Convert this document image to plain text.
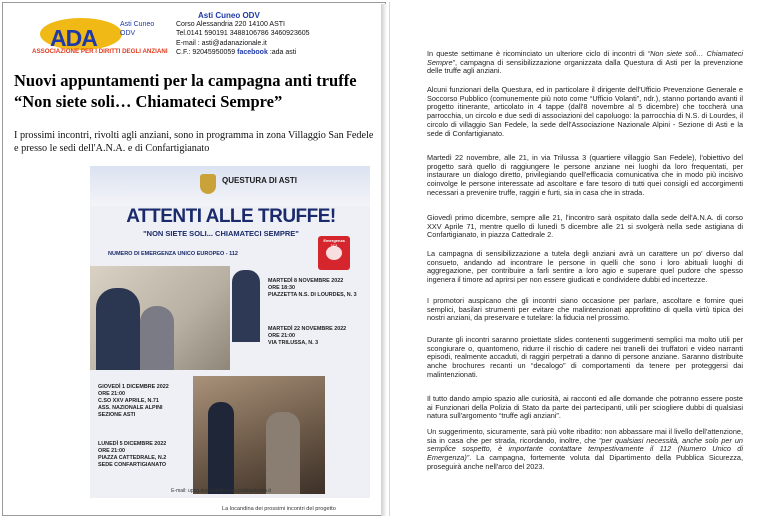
ADA
Asti Cuneo
ODV
ASSOCIAZIONE PER I DIRITTI DEGLI ANZIANI
Asti Cuneo ODV
Corso Alessandria 220 14100 ASTI
Tel.0141 590191 3488106786 3460923605
E-mail : asti@adanazionale.it
C.F.: 92045950059 facebook :ada asti
Nuovi appuntamenti per la campagna anti truffe “Non siete soli… Chiamateci Sempre”
I prossimi incontri, rivolti agli anziani, sono in programma in zona Villaggio San Fedele e presso le sedi dell'A.N.A. e di Confartigianato
QUESTURA DI ASTI
ATTENTI ALLE TRUFFE!
"NON SIETE SOLI... CHIAMATECI SEMPRE"
NUMERO DI EMERGENZA UNICO EUROPEO - 112
Emergenza 112
MARTEDÌ 8 NOVEMBRE 2022
ORE 18:30
PIAZZETTA N.S. DI LOURDES, N. 3
MARTEDÌ 22 NOVEMBRE 2022
ORE 21:00
VIA TRILUSSA, N. 3
GIOVEDÌ 1 DICEMBRE 2022
ORE 21:00
C.SO XXV APRILE, N.71
ASS. NAZIONALE ALPINI
SEZIONE ASTI
LUNEDÌ 5 DICEMBRE 2022
ORE 21:00
PIAZZA CATTEDRALE, N.2
SEDE CONFARTIGIANATO
E-mail: uppg.quest.at@pecps.poliziadistato.it
La locandina dei prossimi incontri del progetto

In queste settimane è ricominciato un ulteriore ciclo di incontri di “Non siete soli… Chiamateci Sempre”, campagna di sensibilizzazione organizzata dalla Questura di Asti per la prevenzione delle truffe agli anziani.

Alcuni funzionari della Questura, ed in particolare il dirigente dell'Ufficio Prevenzione Generale e Soccorso Pubblico (comunemente più noto come “Ufficio Volanti”, ndr.), stanno portando avanti il progetto itinerante, articolato in 4 tappe (dall'8 novembre al 5 dicembre) che toccherà una parrocchia, un circolo e due sedi di associazioni del capoluogo: la parrocchia di N.S. di Lourdes, il circolo di villaggio San Fedele, la sede dell'Associazione Nazionale Alpini - Sezione di Asti e la sede di Confartigianato.
Martedì 22 novembre, alle 21, in via Trilussa 3 (quartiere villaggio San Fedele), l'obiettivo del progetto sarà quello di raggiungere le persone anziane nei luoghi da loro frequentati, per instaurare un dialogo diretto, privilegiando quell'efficacia comunicativa che in modo più incisivo coinvolge le persone interessate ad ascoltare e fare tesoro di tutti quei consigli ed accorgimenti necessari a prevenire truffe, raggiri e furti, sia in casa che in strada.
Giovedì primo dicembre, sempre alle 21, l'incontro sarà ospitato dalla sede dell'A.N.A. di corso XXV Aprile 71, mentre quello di lunedì 5 dicembre alle 21 si svolgerà nella sede astigiana di Confartigianato, in piazza Cattedrale 2.
La campagna di sensibilizzazione a tutela degli anziani avrà un carattere un po' diverso dal consueto, andando ad incontrare le persone in quelli che sono i loro abituali luoghi di aggregazione, per contribuire a farli sentire a loro agio e superare quel pudore che spesso ingenera il timore ad aprirsi per non essere giudicati e condividere dubbi ed incertezze.
I promotori auspicano che gli incontri siano occasione per parlare, ascoltare e fornire quei semplici, basilari strumenti per evitare che malintenzionati approfittino di quella virtù tipica dei nostri anziani, da preservare e tutelare: la fiducia nel prossimo.
Durante gli incontri saranno proiettate slides contenenti suggerimenti semplici ma molto utili per scongiurare o, quantomeno, ridurre il rischio di cadere nei tranelli dei truffatori e video narranti episodi, realmente accaduti, di raggiri perpetrati a danno di persone anziane. Saranno distribuite anche brochures recanti un “decalogo” di comportamenti da tenere per proteggersi dai malintenzionati.
Il tutto dando ampio spazio alle curiosità, ai racconti ed alle domande che potranno essere poste ai Funzionari della Polizia di Stato da parte dei partecipanti, utili per sciogliere dubbi di qualsiasi natura sull'argomento “truffe agli anziani”.

Un suggerimento, sicuramente, sarà più volte ribadito: non abbassare mai il livello dell'attenzione, sia in casa che per strada, ricordando, inoltre, che “per qualsiasi necessità, anche solo per un semplice sospetto, è importante contattare tempestivamente il 112 (Numero Unico di Emergenza)”. La campagna, fortemente voluta dal Dipartimento della Pubblica Sicurezza, proseguirà anche nell'arco del 2023.
